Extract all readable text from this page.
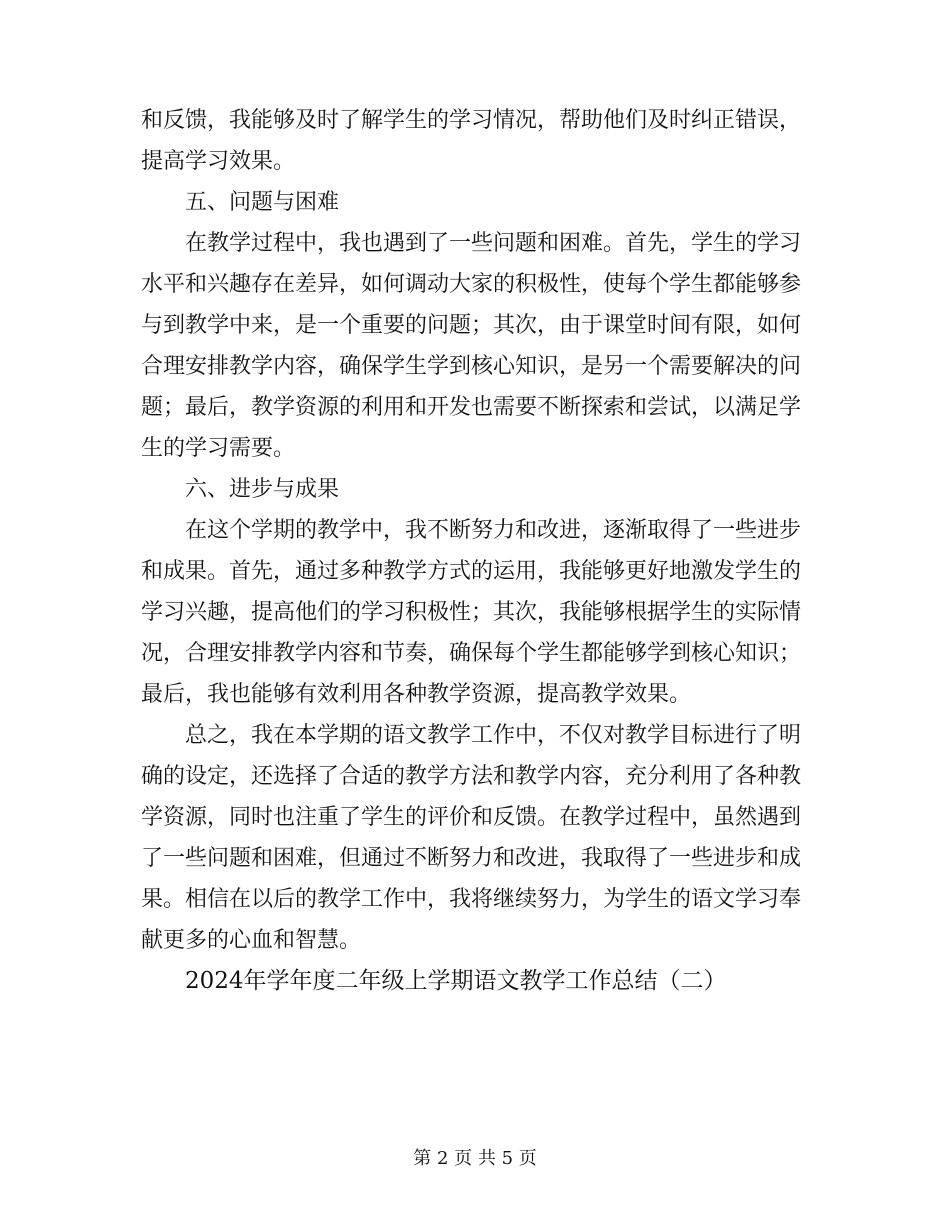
和反馈，我能够及时了解学生的学习情况，帮助他们及时纠正错误，提高学习效果。

五、问题与困难

在教学过程中，我也遇到了一些问题和困难。首先，学生的学习水平和兴趣存在差异，如何调动大家的积极性，使每个学生都能够参与到教学中来，是一个重要的问题；其次，由于课堂时间有限，如何合理安排教学内容，确保学生学到核心知识，是另一个需要解决的问题；最后，教学资源的利用和开发也需要不断探索和尝试，以满足学生的学习需要。

六、进步与成果

在这个学期的教学中，我不断努力和改进，逐渐取得了一些进步和成果。首先，通过多种教学方式的运用，我能够更好地激发学生的学习兴趣，提高他们的学习积极性；其次，我能够根据学生的实际情况，合理安排教学内容和节奏，确保每个学生都能够学到核心知识；最后，我也能够有效利用各种教学资源，提高教学效果。

总之，我在本学期的语文教学工作中，不仅对教学目标进行了明确的设定，还选择了合适的教学方法和教学内容，充分利用了各种教学资源，同时也注重了学生的评价和反馈。在教学过程中，虽然遇到了一些问题和困难，但通过不断努力和改进，我取得了一些进步和成果。相信在以后的教学工作中，我将继续努力，为学生的语文学习奉献更多的心血和智慧。

2024年学年度二年级上学期语文教学工作总结（二）

第 2 页 共 5 页
